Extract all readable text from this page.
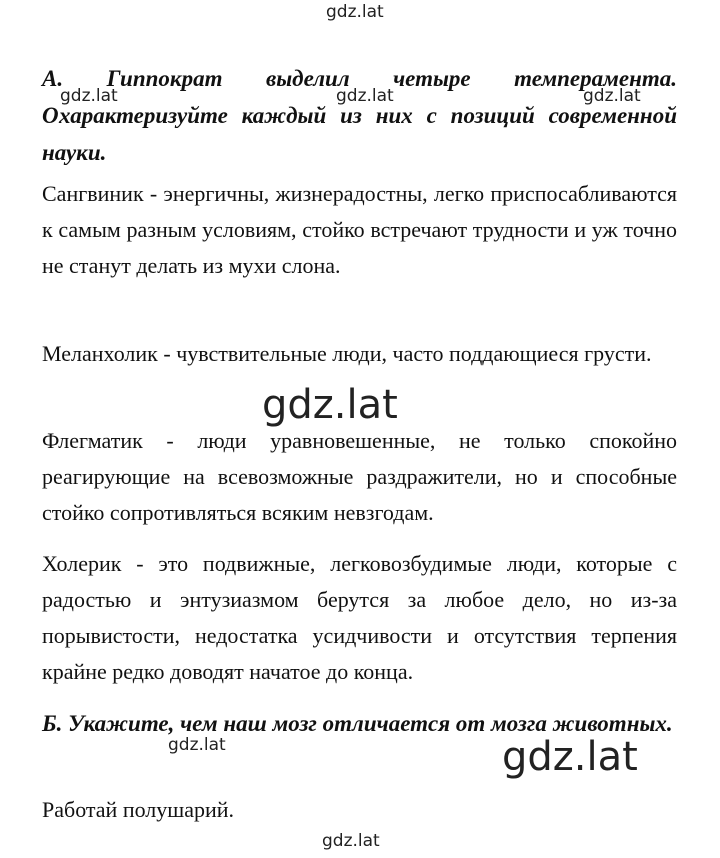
А. Гиппократ выделил четыре темперамента. Охарактеризуйте каждый из них с позиций современной науки.
Сангвиник - энергичны, жизнерадостны, легко приспосабливаются к самым разным условиям, стойко встречают трудности и уж точно не станут делать из мухи слона.
Меланхолик - чувствительные люди, часто поддающиеся грусти.
Флегматик - люди уравновешенные, не только спокойно реагирующие на всевозможные раздражители, но и способные стойко сопротивляться всяким невзгодам.
Холерик - это подвижные, легковозбудимые люди, которые с радостью и энтузиазмом берутся за любое дело, но из-за порывистости, недостатка усидчивости и отсутствия терпения крайне редко доводят начатое до конца.
Б. Укажите, чем наш мозг отличается от мозга животных.
Работай полушарий.
gdz.lat
gdz.lat	gdz.lat	gdz.lat
gdz.lat
gdz.lat	gdz.lat
gdz.lat
